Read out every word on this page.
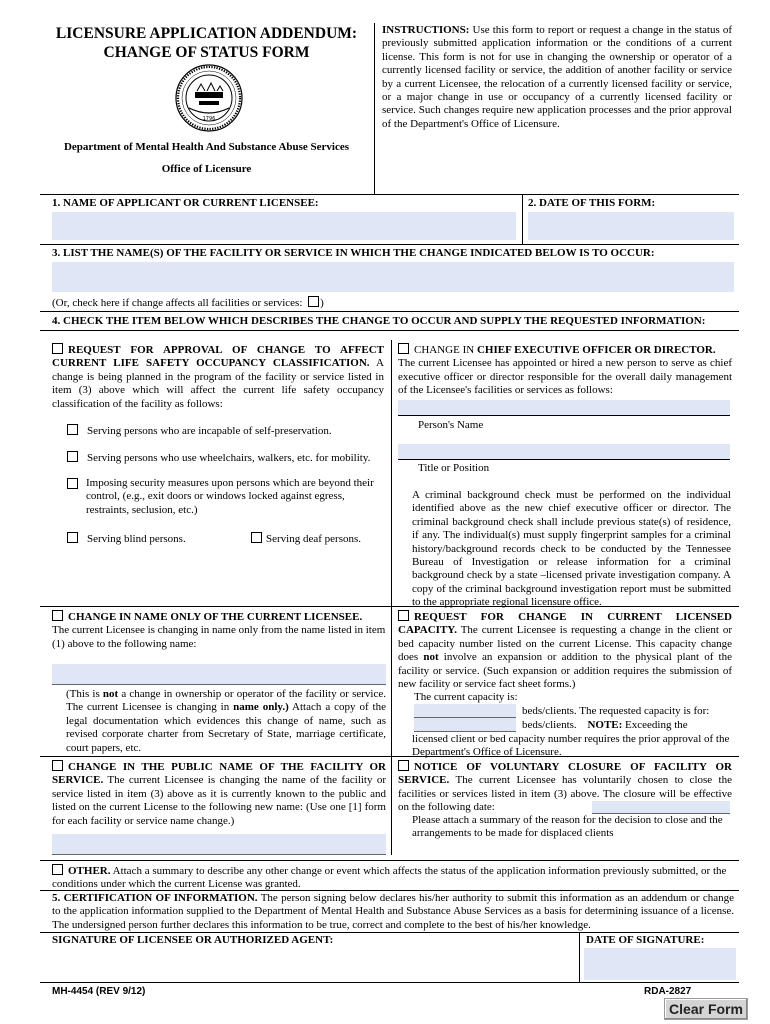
LICENSURE APPLICATION ADDENDUM:
CHANGE OF STATUS FORM
1796
Department of Mental Health And Substance Abuse Services
Office of Licensure
INSTRUCTIONS: Use this form to report or request a change in the status of previously submitted application information or the conditions of a current license. This form is not for use in changing the ownership or operator of a currently licensed facility or service, the addition of another facility or service by a current Licensee, the relocation of a currently licensed facility or service, or a major change in use or occupancy of a currently licensed facility or service. Such changes require new application processes and the prior approval of the Department's Office of Licensure.
1. NAME OF APPLICANT OR CURRENT LICENSEE:	2. DATE OF THIS FORM:
3. LIST THE NAME(S) OF THE FACILITY OR SERVICE IN WHICH THE CHANGE INDICATED BELOW IS TO OCCUR:
(Or, check here if change affects all facilities or services: )
4. CHECK THE ITEM BELOW WHICH DESCRIBES THE CHANGE TO OCCUR AND SUPPLY THE REQUESTED INFORMATION:
REQUEST FOR APPROVAL OF CHANGE TO AFFECT CURRENT LIFE SAFETY OCCUPANCY CLASSIFICATION. A change is being planned in the program of the facility or service listed in item (3) above which will affect the current life safety occupancy classification of the facility as follows:
Serving persons who are incapable of self-preservation.
Serving persons who use wheelchairs, walkers, etc. for mobility.
Imposing security measures upon persons which are beyond their control, (e.g., exit doors or windows locked against egress, restraints, seclusion, etc.)
Serving blind persons.	Serving deaf persons.
CHANGE IN CHIEF EXECUTIVE OFFICER OR DIRECTOR.
The current Licensee has appointed or hired a new person to serve as chief executive officer or director responsible for the overall daily management of the Licensee's facilities or services as follows:
Person's Name
Title or Position
A criminal background check must be performed on the individual identified above as the new chief executive officer or director. The criminal background check shall include previous state(s) of residence, if any. The individual(s) must supply fingerprint samples for a criminal history/background records check to be conducted by the Tennessee Bureau of Investigation or release information for a criminal background check by a state –licensed private investigation company. A copy of the criminal background investigation report must be submitted to the appropriate regional licensure office.
CHANGE IN NAME ONLY OF THE CURRENT LICENSEE.
The current Licensee is changing in name only from the name listed in item (1) above to the following name:
(This is not a change in ownership or operator of the facility or service. The current Licensee is changing in name only.) Attach a copy of the legal documentation which evidences this change of name, such as revised corporate charter from Secretary of State, marriage certificate, court papers, etc.
REQUEST FOR CHANGE IN CURRENT LICENSED CAPACITY. The current Licensee is requesting a change in the client or bed capacity number listed on the current License. This capacity change does not involve an expansion or addition to the physical plant of the facility or service. (Such expansion or addition requires the submission of new facility or service fact sheet forms.)
The current capacity is:
beds/clients. The requested capacity is for:
beds/clients. NOTE: Exceeding the
licensed client or bed capacity number requires the prior approval of the Department's Office of Licensure.
CHANGE IN THE PUBLIC NAME OF THE FACILITY OR SERVICE. The current Licensee is changing the name of the facility or service listed in item (3) above as it is currently known to the public and listed on the current License to the following new name: (Use one [1] form for each facility or service name change.)
NOTICE OF VOLUNTARY CLOSURE OF FACILITY OR SERVICE. The current Licensee has voluntarily chosen to close the facilities or services listed in item (3) above. The closure will be effective on the following date:
Please attach a summary of the reason for the decision to close and the arrangements to be made for displaced clients
OTHER. Attach a summary to describe any other change or event which affects the status of the application information previously submitted, or the conditions under which the current License was granted.
5. CERTIFICATION OF INFORMATION. The person signing below declares his/her authority to submit this information as an addendum or change to the application information supplied to the Department of Mental Health and Substance Abuse Services as a basis for determining issuance of a license. The undersigned person further declares this information to be true, correct and complete to the best of his/her knowledge.
SIGNATURE OF LICENSEE OR AUTHORIZED AGENT:	DATE OF SIGNATURE:
MH-4454 (REV 9/12)	RDA-2827
Clear Form
